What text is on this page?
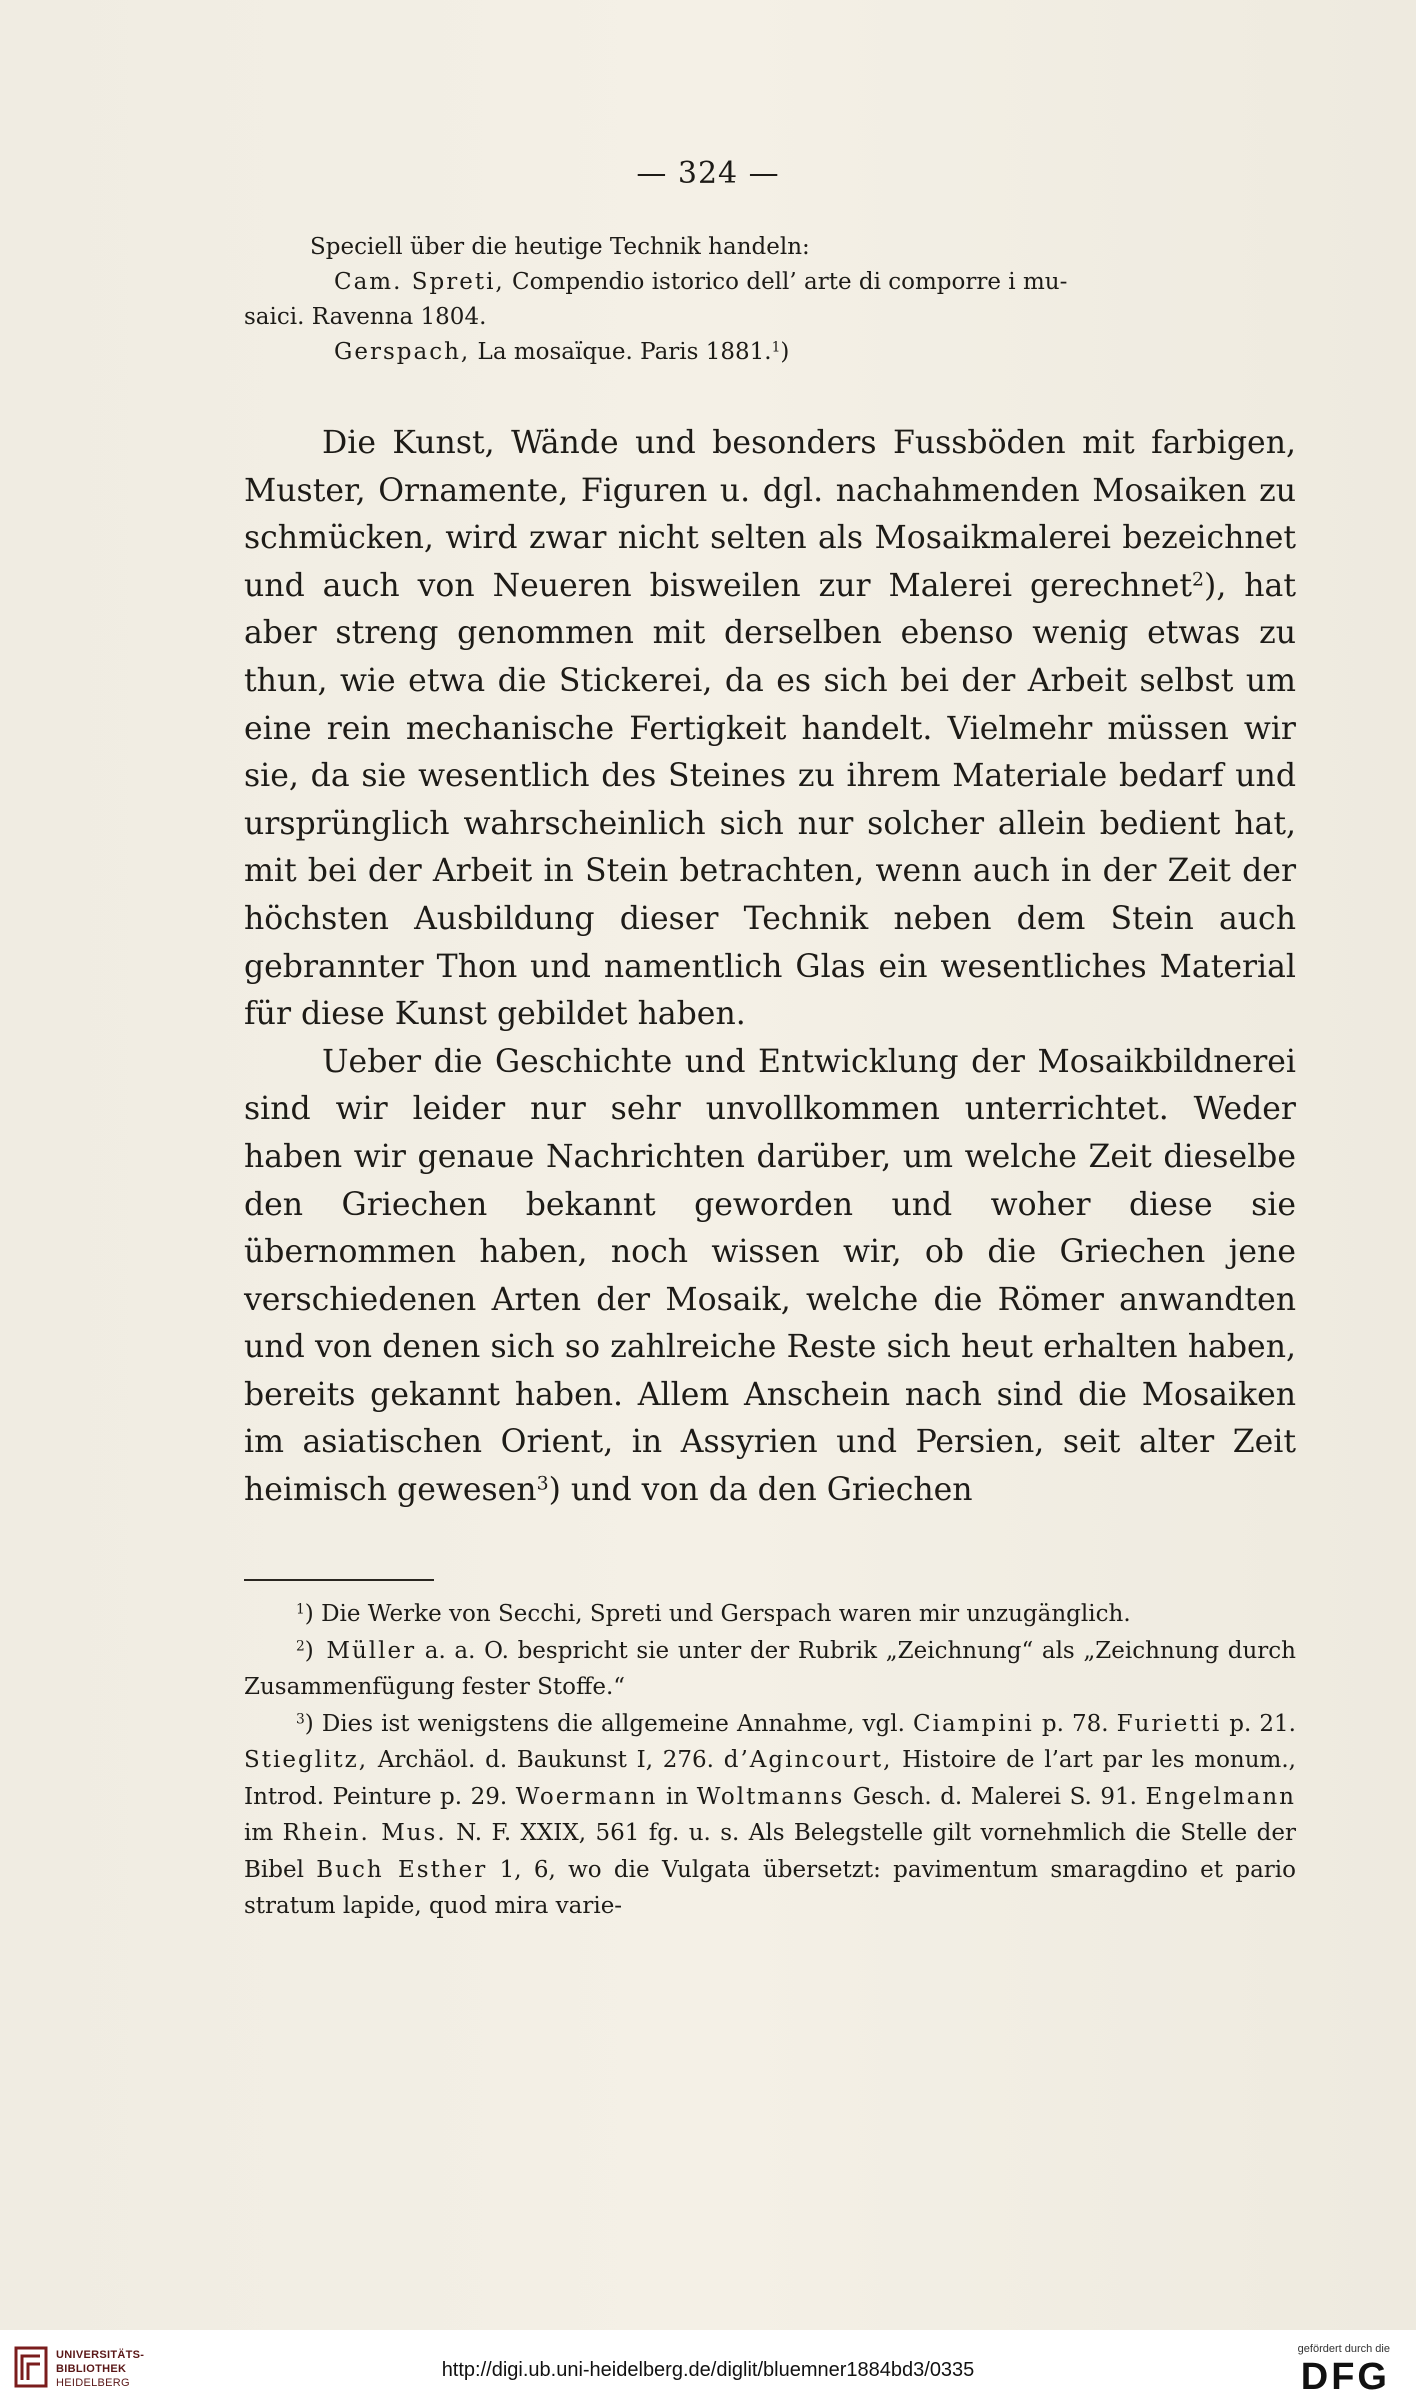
— 324 —

Speciell über die heutige Technik handeln:

Cam. Spreti, Compendio istorico dell’ arte di comporre i mu-

saici. Ravenna 1804.

Gerspach, La mosaïque. Paris 1881.$^1$)

Die Kunst, Wände und besonders Fussböden mit farbigen, Muster, Ornamente, Figuren u. dgl. nachahmenden Mosaiken zu schmücken, wird zwar nicht selten als Mosaikmalerei bezeichnet und auch von Neueren bisweilen zur Malerei gerechnet$^2$), hat aber streng genommen mit derselben ebenso wenig etwas zu thun, wie etwa die Stickerei, da es sich bei der Arbeit selbst um eine rein mechanische Fertigkeit handelt. Vielmehr müssen wir sie, da sie wesentlich des Steines zu ihrem Materiale bedarf und ursprünglich wahrscheinlich sich nur solcher allein bedient hat, mit bei der Arbeit in Stein betrachten, wenn auch in der Zeit der höchsten Ausbildung dieser Technik neben dem Stein auch gebrannter Thon und namentlich Glas ein wesentliches Material für diese Kunst gebildet haben.

Ueber die Geschichte und Entwicklung der Mosaikbildnerei sind wir leider nur sehr unvollkommen unterrichtet. Weder haben wir genaue Nachrichten darüber, um welche Zeit dieselbe den Griechen bekannt geworden und woher diese sie übernommen haben, noch wissen wir, ob die Griechen jene verschiedenen Arten der Mosaik, welche die Römer anwandten und von denen sich so zahlreiche Reste sich heut erhalten haben, bereits gekannt haben. Allem Anschein nach sind die Mosaiken im asiatischen Orient, in Assyrien und Persien, seit alter Zeit heimisch gewesen$^3$) und von da den Griechen

$^1$) Die Werke von Secchi, Spreti und Gerspach waren mir unzugänglich.

$^2$) Müller a. a. O. bespricht sie unter der Rubrik „Zeichnung“ als „Zeichnung durch Zusammenfügung fester Stoffe.“

$^3$) Dies ist wenigstens die allgemeine Annahme, vgl. Ciampini p. 78. Furietti p. 21. Stieglitz, Archäol. d. Baukunst I, 276. d’Agincourt, Histoire de l’art par les monum., Introd. Peinture p. 29. Woermann in Woltmanns Gesch. d. Malerei S. 91. Engelmann im Rhein. Mus. N. F. XXIX, 561 fg. u. s. Als Belegstelle gilt vornehmlich die Stelle der Bibel Buch Esther 1, 6, wo die Vulgata übersetzt: pavimentum smaragdino et pario stratum lapide, quod mira varie-

UNIVERSITÄTS-
BIBLIOTHEK
HEIDELBERG
http://digi.ub.uni-heidelberg.de/diglit/bluemner1884bd3/0335
gefördert durch die
DFG
